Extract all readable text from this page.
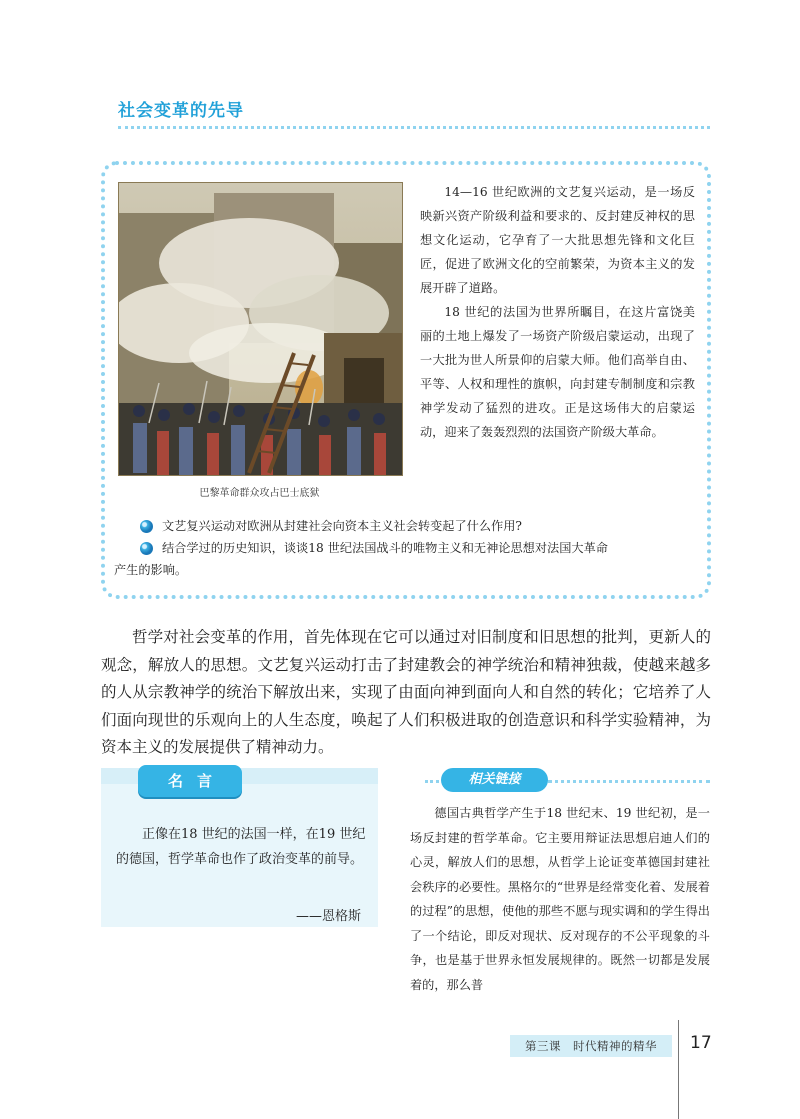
社会变革的先导
巴黎革命群众攻占巴士底狱

14—16 世纪欧洲的文艺复兴运动，是一场反映新兴资产阶级利益和要求的、反封建反神权的思想文化运动，它孕育了一大批思想先锋和文化巨匠，促进了欧洲文化的空前繁荣，为资本主义的发展开辟了道路。

18 世纪的法国为世界所瞩目，在这片富饶美丽的土地上爆发了一场资产阶级启蒙运动，出现了一大批为世人所景仰的启蒙大师。他们高举自由、平等、人权和理性的旗帜，向封建专制制度和宗教神学发动了猛烈的进攻。正是这场伟大的启蒙运动，迎来了轰轰烈烈的法国资产阶级大革命。

文艺复兴运动对欧洲从封建社会向资本主义社会转变起了什么作用?

结合学过的历史知识，谈谈18 世纪法国战斗的唯物主义和无神论思想对法国大革命

产生的影响。

哲学对社会变革的作用，首先体现在它可以通过对旧制度和旧思想的批判，更新人的观念，解放人的思想。文艺复兴运动打击了封建教会的神学统治和精神独裁，使越来越多的人从宗教神学的统治下解放出来，实现了由面向神到面向人和自然的转化；它培养了人们面向现世的乐观向上的人生态度，唤起了人们积极进取的创造意识和科学实验精神，为资本主义的发展提供了精神动力。

名言

正像在18 世纪的法国一样，在19 世纪的德国，哲学革命也作了政治变革的前导。

——恩格斯
相关链接

德国古典哲学产生于18 世纪末、19 世纪初，是一场反封建的哲学革命。它主要用辩证法思想启迪人们的心灵，解放人们的思想，从哲学上论证变革德国封建社会秩序的必要性。黑格尔的“世界是经常变化着、发展着的过程”的思想，使他的那些不愿与现实调和的学生得出了一个结论，即反对现状、反对现存的不公平现象的斗争，也是基于世界永恒发展规律的。既然一切都是发展着的，那么普

第三课　时代精神的精华	17
